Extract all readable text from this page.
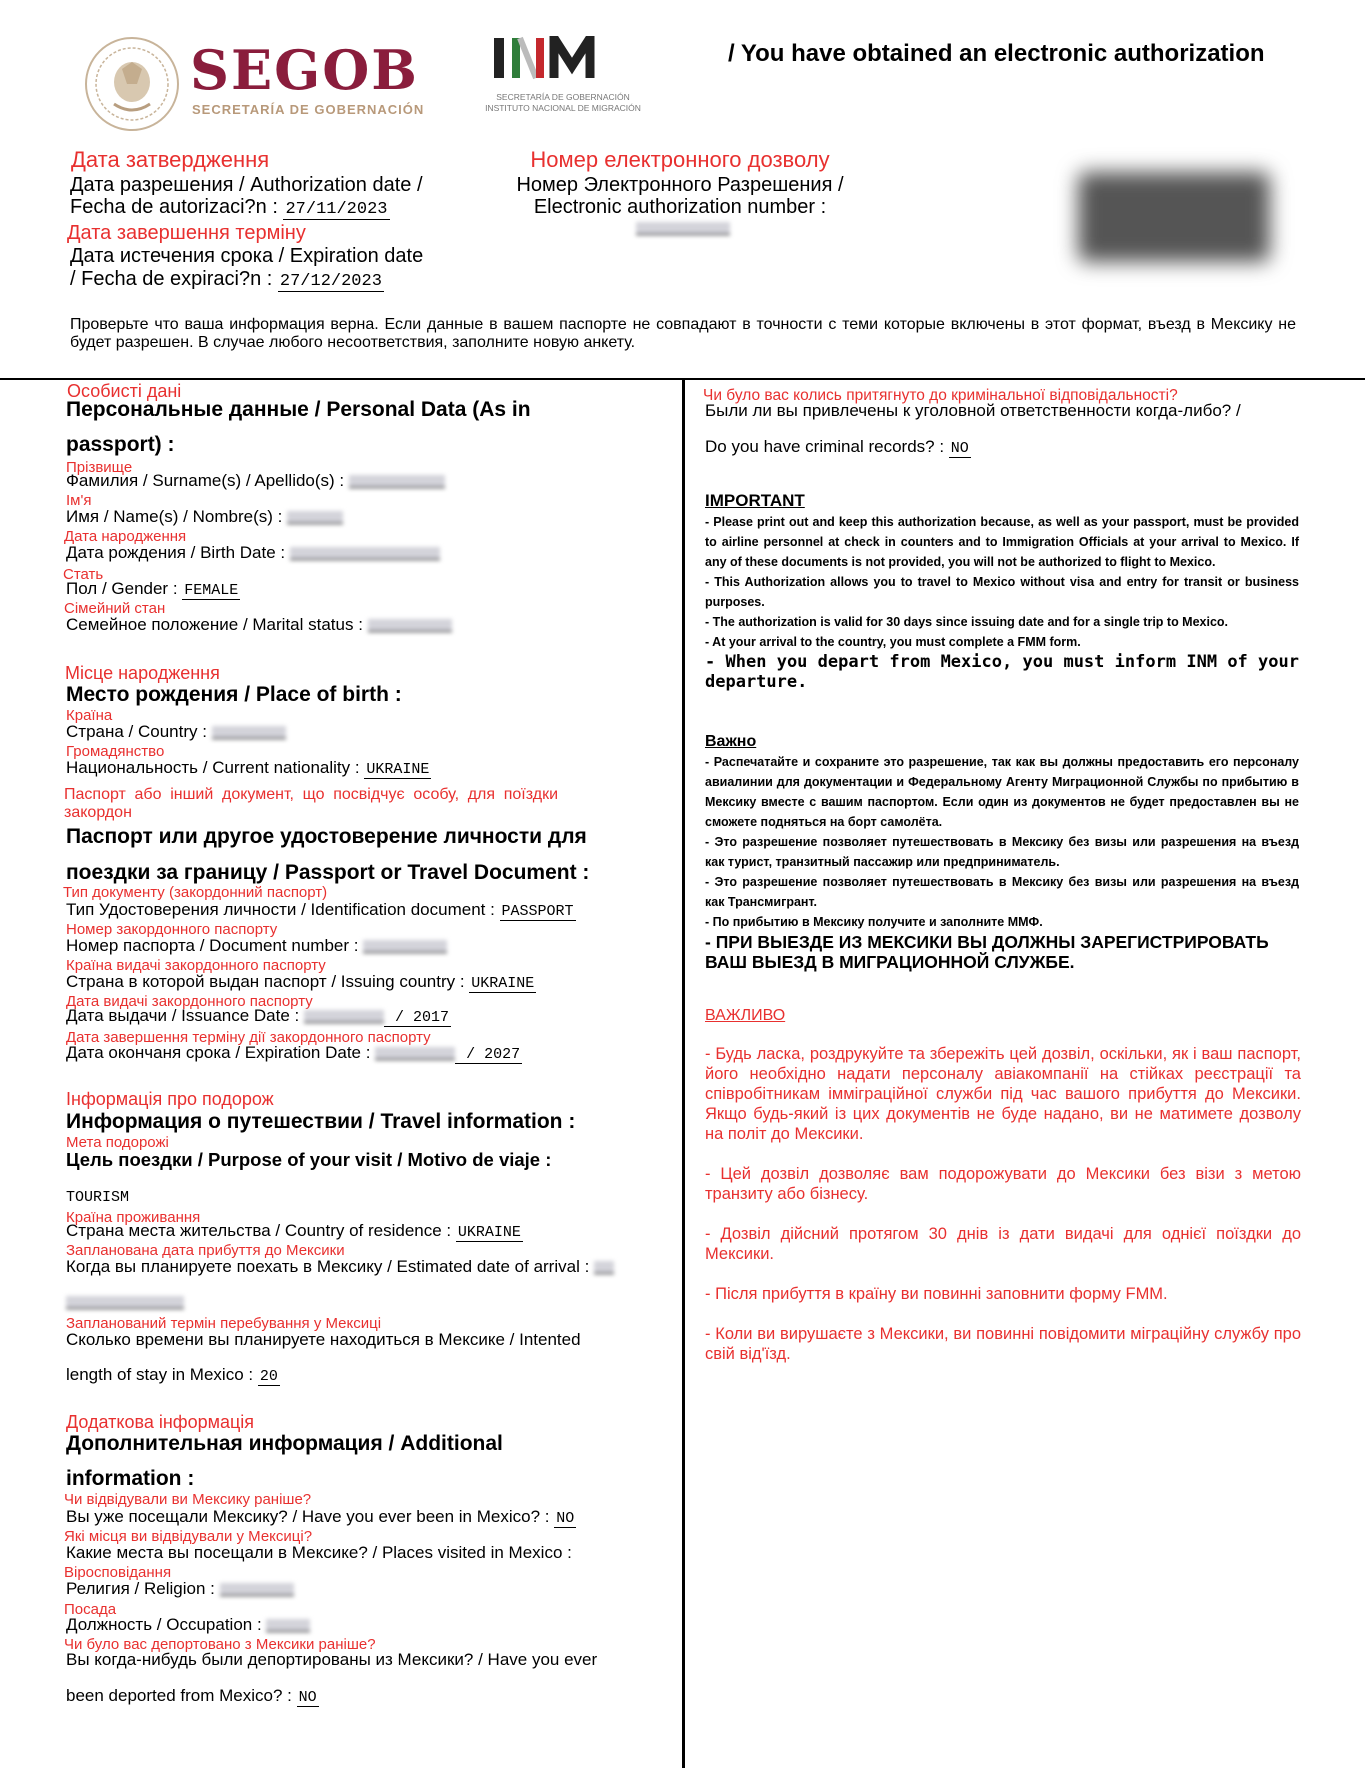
SEGOB
SECRETARÍA DE GOBERNACIÓN
SECRETARÍA DE GOBERNACIÓN
INSTITUTO NACIONAL DE MIGRACIÓN
/ You have obtained an electronic authorization
Дата затвердження
Дата разрешения / Authorization date /
Fecha de autorizaci?n : 27/11/2023
Дата завершення терміну
Дата истечения срока / Expiration date
/ Fecha de expiraci?n : 27/12/2023
Номер електронного дозволу
Номер Электронного Разрешения /
Electronic authorization number :
Проверьте что ваша информация верна. Если данные в вашем паспорте не совпадают в точности с теми которые включены в этот формат, въезд в Мексику не будет разрешен. В случае любого несоответствия, заполните новую анкету.
Особисті дані
Персональные данные / Personal Data (As in
passport) :
Прізвище
Фамилия / Surname(s) / Apellido(s) :
Ім'я
Имя / Name(s) / Nombre(s) :
Дата народження
Дата рождения / Birth Date :
Стать
Пол / Gender : FEMALE
Сімейний стан
Семейное положение / Marital status :
Місце народження
Место рождения / Place of birth :
Країна
Страна / Country :
Громадянство
Национальность / Current nationality : UKRAINE
Паспорт або інший документ, що посвідчує особу, для поїздки закордон
Паспорт или другое удостоверение личности для
поездки за границу / Passport or Travel Document :
Тип документу (закордонний паспорт)
Тип Удостоверения личности / Identification document : PASSPORT
Номер закордонного паспорту
Номер паспорта / Document number :
Країна видачі закордонного паспорту
Страна в которой выдан паспорт / Issuing country : UKRAINE
Дата видачі закордонного паспорту
Дата выдачи / Issuance Date :	/ 2017
Дата завершення терміну дії закордонного паспорту
Дата окончаня срока / Expiration Date :	/ 2027
Інформація про подорож
Информация о путешествии / Travel information :
Мета подорожі
Цель поездки / Purpose of your visit / Motivo de viaje :
TOURISM
Країна проживання
Страна места жительства / Country of residence : UKRAINE
Запланована дата прибуття до Мексики
Когда вы планируете поехать в Мексику / Estimated date of arrival :
Запланований термін перебування у Мексиці
Сколько времени вы планируете находиться в Мексике / Intented
length of stay in Mexico : 20
Додаткова інформація
Дополнительная информация / Additional
information :
Чи відвідували ви Мексику раніше?
Вы уже посещали Мексику? / Have you ever been in Mexico? : NO
Які місця ви відвідували у Мексиці?
Какие места вы посещали в Мексике? / Places visited in Mexico :
Віросповідання
Религия / Religion :
Посада
Должность / Occupation :
Чи було вас депортовано з Мексики раніше?
Вы когда-нибудь были депортированы из Мексики? / Have you ever
been deported from Mexico? : NO
Чи було вас колись притягнуто до кримінальної відповідальності?
Были ли вы привлечены к уголовной ответственности когда-либо? /
Do you have criminal records? : NO
IMPORTANT
- Please print out and keep this authorization because, as well as your passport, must be provided to airline personnel at check in counters and to Immigration Officials at your arrival to Mexico. If any of these documents is not provided, you will not be authorized to flight to Mexico.
- This Authorization allows you to travel to Mexico without visa and entry for transit or business purposes.
- The authorization is valid for 30 days since issuing date and for a single trip to Mexico.
- At your arrival to the country, you must complete a FMM form.
- When you depart from Mexico, you must inform INM of your departure.
Важно
- Распечатайте и сохраните это разрешение, так как вы должны предоставить его персоналу авиалинии для документации и Федеральному Агенту Миграционной Службы по прибытию в Мексику вместе с вашим паспортом. Если один из документов не будет предоставлен вы не сможете подняться на борт самолёта.
- Это разрешение позволяет путешествовать в Мексику без визы или разрешения на въезд как турист, транзитный пассажир или предприниматель.
- Это разрешение позволяет путешествовать в Мексику без визы или разрешения на въезд как Трансмигрант.
- По прибытию в Мексику получите и заполните ММФ.
- ПРИ ВЫЕЗДЕ ИЗ МЕКСИКИ ВЫ ДОЛЖНЫ ЗАРЕГИСТРИРОВАТЬ ВАШ ВЫЕЗД В МИГРАЦИОННОЙ СЛУЖБЕ.
ВАЖЛИВО
- Будь ласка, роздрукуйте та збережіть цей дозвіл, оскільки, як і ваш паспорт, його необхідно надати персоналу авіакомпанії на стійках реєстрації та співробітникам імміграційної служби під час вашого прибуття до Мексики. Якщо будь-який із цих документів не буде надано, ви не матимете дозволу на політ до Мексики.
- Цей дозвіл дозволяє вам подорожувати до Мексики без візи з метою транзиту або бізнесу.
- Дозвіл дійсний протягом 30 днів із дати видачі для однієї поїздки до Мексики.
- Після прибуття в країну ви повинні заповнити форму FMM.
- Коли ви вирушаєте з Мексики, ви повинні повідомити міграційну службу про свій від'їзд.
